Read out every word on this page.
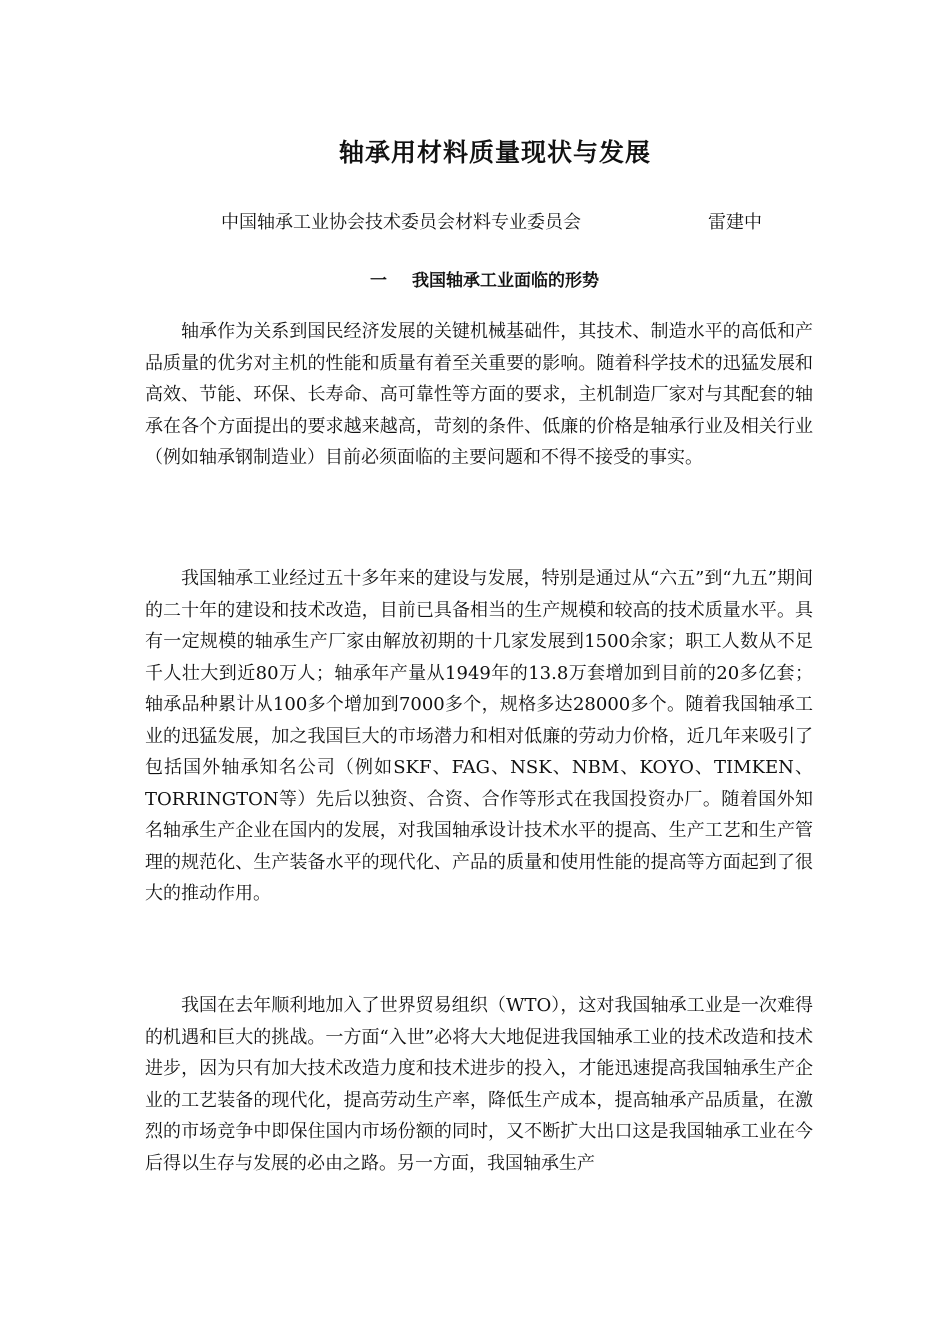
轴承用材料质量现状与发展

中国轴承工业协会技术委员会材料专业委员会	雷建中

一 我国轴承工业面临的形势

轴承作为关系到国民经济发展的关键机械基础件，其技术、制造水平的高低和产品质量的优劣对主机的性能和质量有着至关重要的影响。随着科学技术的迅猛发展和高效、节能、环保、长寿命、高可靠性等方面的要求，主机制造厂家对与其配套的轴承在各个方面提出的要求越来越高，苛刻的条件、低廉的价格是轴承行业及相关行业（例如轴承钢制造业）目前必须面临的主要问题和不得不接受的事实。

我国轴承工业经过五十多年来的建设与发展，特别是通过从“六五”到“九五”期间的二十年的建设和技术改造，目前已具备相当的生产规模和较高的技术质量水平。具有一定规模的轴承生产厂家由解放初期的十几家发展到1500余家；职工人数从不足千人壮大到近80万人；轴承年产量从1949年的13.8万套增加到目前的20多亿套；轴承品种累计从100多个增加到7000多个，规格多达28000多个。随着我国轴承工业的迅猛发展，加之我国巨大的市场潜力和相对低廉的劳动力价格，近几年来吸引了包括国外轴承知名公司（例如SKF、FAG、NSK、NBM、KOYO、TIMKEN、TORRINGTON等）先后以独资、合资、合作等形式在我国投资办厂。随着国外知名轴承生产企业在国内的发展，对我国轴承设计技术水平的提高、生产工艺和生产管理的规范化、生产装备水平的现代化、产品的质量和使用性能的提高等方面起到了很大的推动作用。

我国在去年顺利地加入了世界贸易组织（WTO），这对我国轴承工业是一次难得的机遇和巨大的挑战。一方面“入世”必将大大地促进我国轴承工业的技术改造和技术进步，因为只有加大技术改造力度和技术进步的投入，才能迅速提高我国轴承生产企业的工艺装备的现代化，提高劳动生产率，降低生产成本，提高轴承产品质量，在激烈的市场竞争中即保住国内市场份额的同时，又不断扩大出口这是我国轴承工业在今后得以生存与发展的必由之路。另一方面，我国轴承生产
